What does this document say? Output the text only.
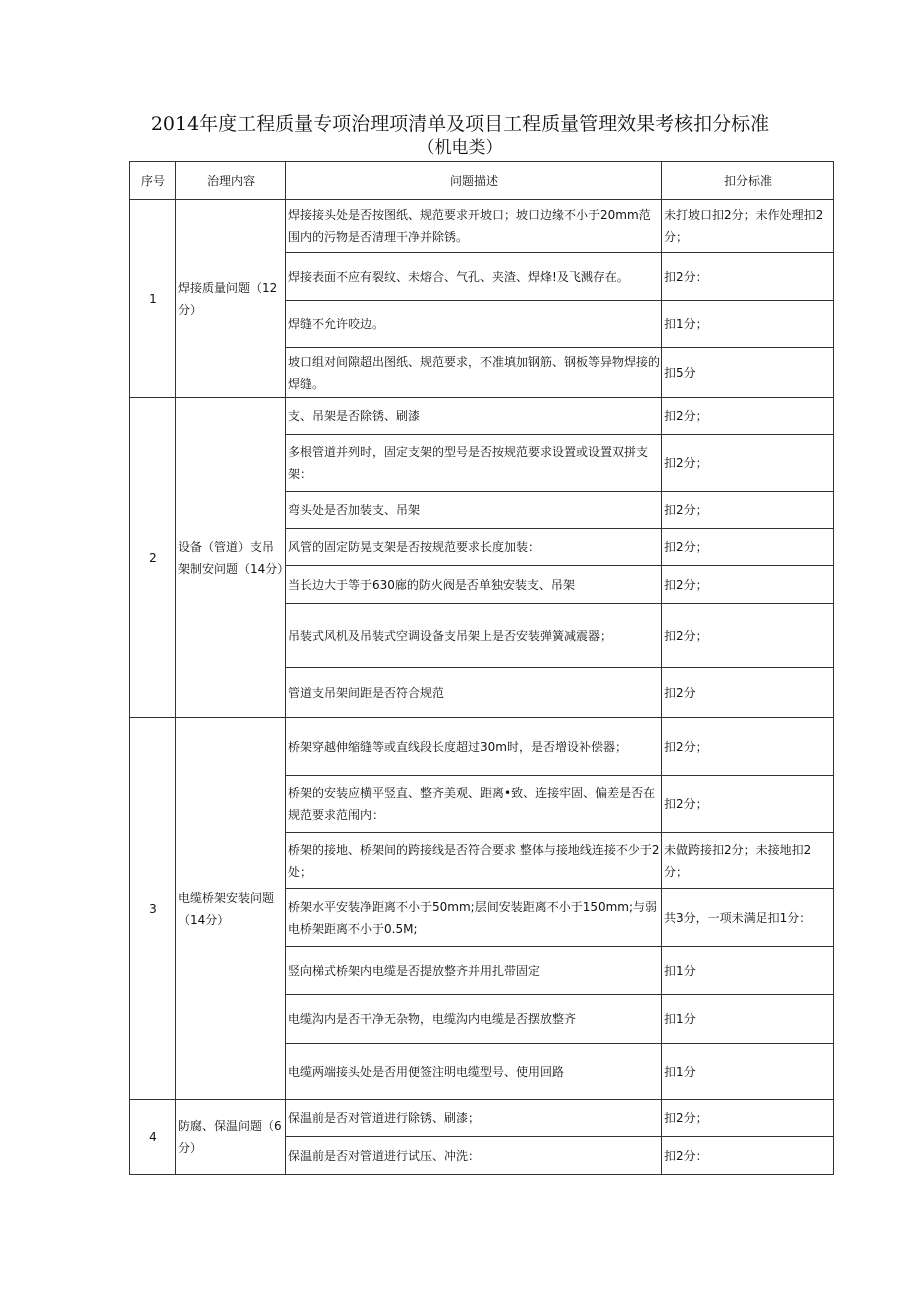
2014年度工程质量专项治理项清单及项目工程质量管理效果考核扣分标准
（机电类）
序号	治理内容	问题描述	扣分标准
1	焊接质量问题（12分）	焊接接头处是否按图纸、规范要求开坡口；坡口边缘不小于20mm范围内的污物是否清理干净并除锈。	未打坡口扣2分；未作处理扣2分；
		焊接表面不应有裂纹、未熔合、气孔、夹渣、焊烽!及飞溅存在。	扣2分：
		焊缝不允许咬边。	扣1分；
		坡口组对间隙超出图纸、规范要求，不准填加钢筋、钢板等异物焊接的焊缝。	扣5分
2	设备（管道）支吊架制安问题（14分）	支、吊架是否除锈、刷漆	扣2分；
		多根管道并列时，固定支架的型号是否按规范要求设置或设置双拼支架：	扣2分；
		弯头处是否加装支、吊架	扣2分；
		风管的固定防晃支架是否按规范要求长度加装：	扣2分；
		当长边大于等于630廊的防火阀是否单独安装支、吊架	扣2分；
		吊装式风机及吊装式空调设备支吊架上是否安装弹簧减震器；	扣2分；
		管道支吊架间距是否符合规范	扣2分
3	电缆桥架安装问题（14分）	桥架穿越伸缩缝等或直线段长度超过30m时，是否增设补偿器；	扣2分；
		桥架的安装应横平竖直、整齐美观、距离•致、连接牢固、偏差是否在规范要求范闱内：	扣2分；
		桥架的接地、桥架间的跨接线是否符合要求 整体与接地线连接不少于2处；	未做跨接扣2分；未接地扣2分；
		桥架水平安装净距离不小于50mm;层间安装距离不小于150mm;与弱电桥架距离不小于0.5M;	共3分，一项未满足扣1分：
		竖向梯式桥架内电缆是否提放整齐并用扎带固定	扣1分
		电缆沟内是否干净无杂物，电缆沟内电缆是否摆放整齐	扣1分
		电缆两端接头处是否用便签注明电缆型号、使用回路	扣1分
4	防腐、保温问题（6分）	保温前是否对管道进行除锈、刷漆；	扣2分；
		保温前是否对管道进行试压、冲洗：	扣2分：
